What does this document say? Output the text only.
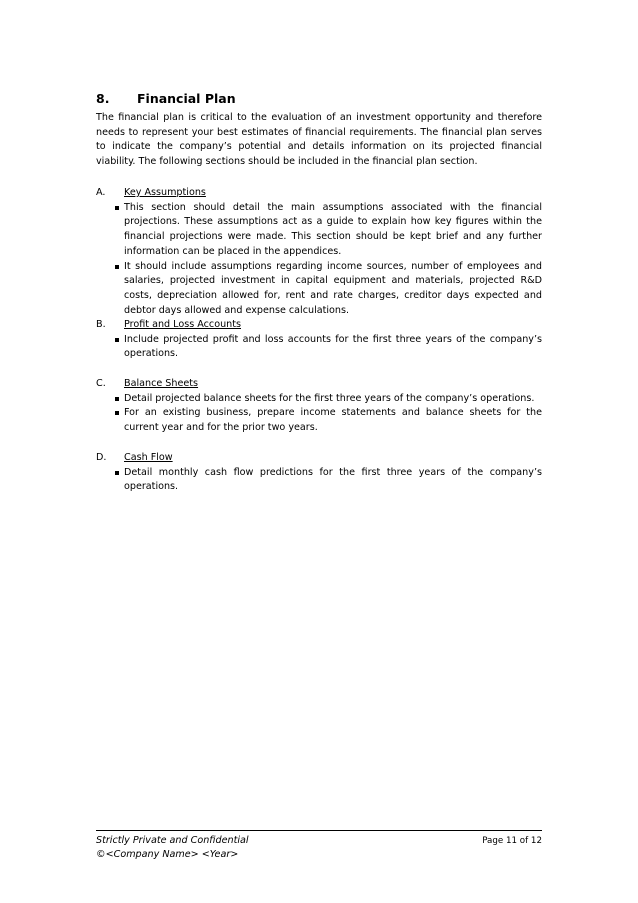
8. Financial Plan
The financial plan is critical to the evaluation of an investment opportunity and therefore needs to represent your best estimates of financial requirements. The financial plan serves to indicate the company’s potential and details information on its projected financial viability. The following sections should be included in the financial plan section.
A.	Key Assumptions
This section should detail the main assumptions associated with the financial projections. These assumptions act as a guide to explain how key figures within the financial projections were made. This section should be kept brief and any further information can be placed in the appendices.
It should include assumptions regarding income sources, number of employees and salaries, projected investment in capital equipment and materials, projected R&D costs, depreciation allowed for, rent and rate charges, creditor days expected and debtor days allowed and expense calculations.
B.	Profit and Loss Accounts
Include projected profit and loss accounts for the first three years of the company’s operations.
C.	Balance Sheets
Detail projected balance sheets for the first three years of the company’s operations.
For an existing business, prepare income statements and balance sheets for the current year and for the prior two years.
D.	Cash Flow
Detail monthly cash flow predictions for the first three years of the company’s operations.
Strictly Private and Confidential
©<Company Name> <Year>
Page 11 of 12
